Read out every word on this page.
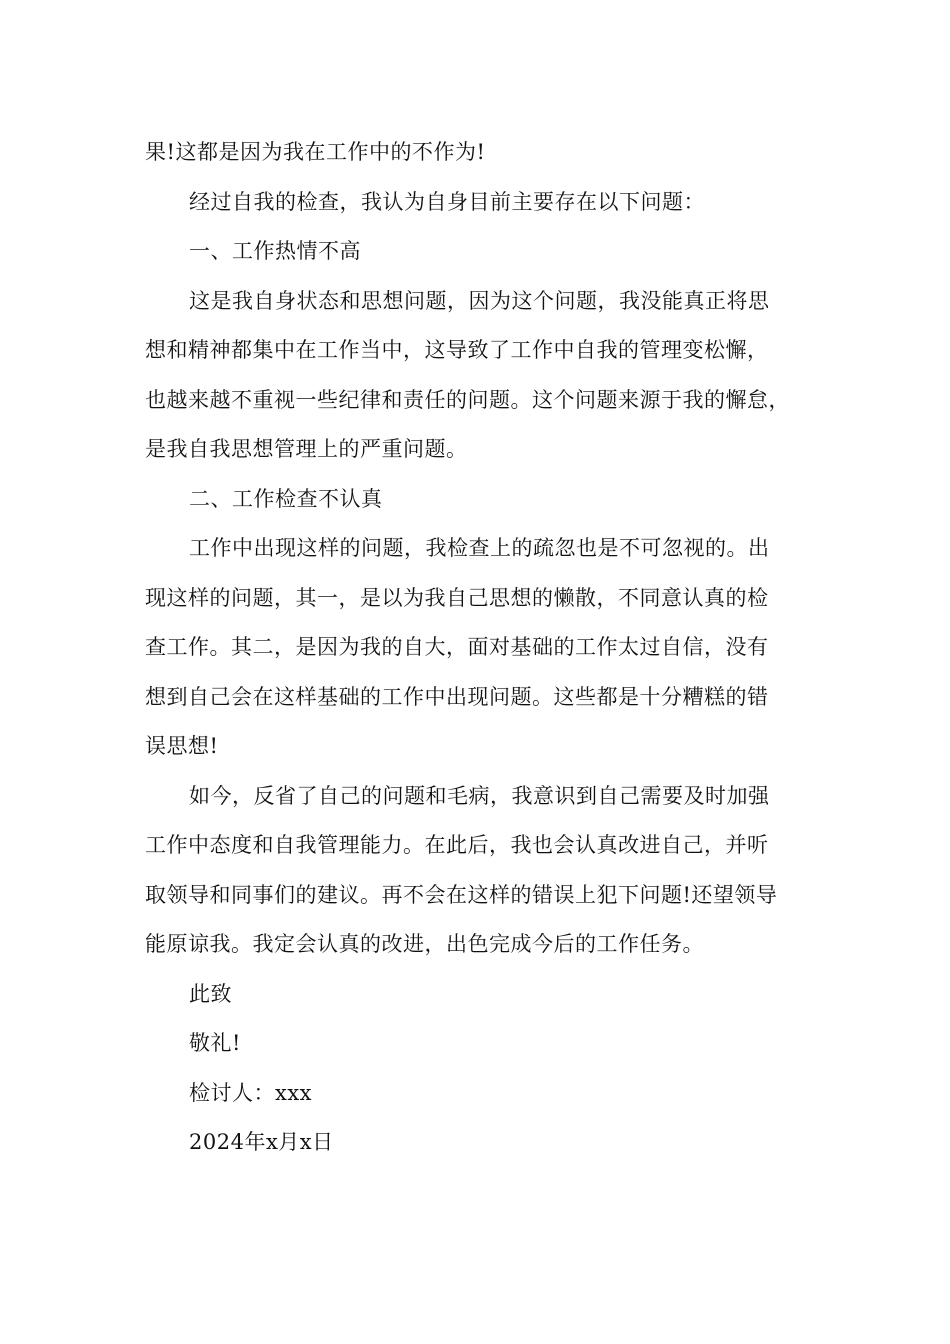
果!这都是因为我在工作中的不作为!
经过自我的检查，我认为自身目前主要存在以下问题：
一、工作热情不高
这是我自身状态和思想问题，因为这个问题，我没能真正将思
想和精神都集中在工作当中，这导致了工作中自我的管理变松懈，
也越来越不重视一些纪律和责任的问题。这个问题来源于我的懈怠，
是我自我思想管理上的严重问题。
二、工作检查不认真
工作中出现这样的问题，我检查上的疏忽也是不可忽视的。出
现这样的问题，其一，是以为我自己思想的懒散，不同意认真的检
查工作。其二，是因为我的自大，面对基础的工作太过自信，没有
想到自己会在这样基础的工作中出现问题。这些都是十分糟糕的错
误思想!
如今，反省了自己的问题和毛病，我意识到自己需要及时加强
工作中态度和自我管理能力。在此后，我也会认真改进自己，并听
取领导和同事们的建议。再不会在这样的错误上犯下问题!还望领导
能原谅我。我定会认真的改进，出色完成今后的工作任务。
此致
敬礼!
检讨人：xxx
2024年x月x日
